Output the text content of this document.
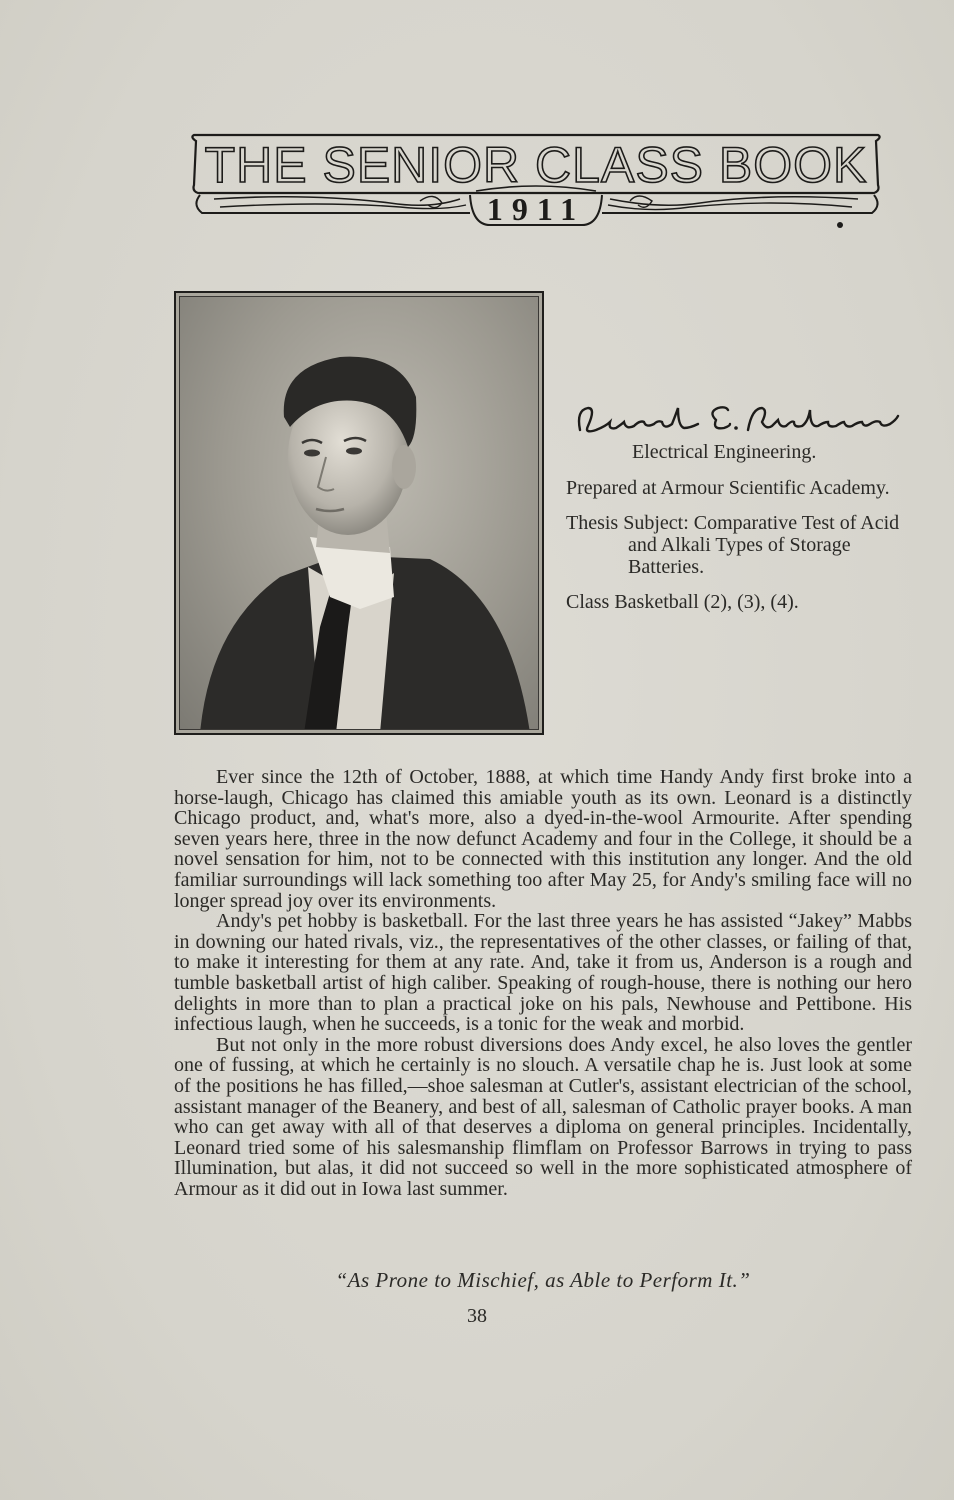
THE SENIOR CLASS BOOK
1911

Electrical Engineering.

Prepared at Armour Scientific Academy.

Thesis Subject: Comparative Test of Acid and Alkali Types of Storage Batteries.

Class Basketball (2), (3), (4).

Ever since the 12th of October, 1888, at which time Handy Andy first broke into a horse-laugh, Chicago has claimed this amiable youth as its own. Leonard is a distinctly Chicago product, and, what's more, also a dyed-in-the-wool Armourite. After spending seven years here, three in the now defunct Academy and four in the College, it should be a novel sensation for him, not to be connected with this institution any longer. And the old familiar surroundings will lack something too after May 25, for Andy's smiling face will no longer spread joy over its environments.

Andy's pet hobby is basketball. For the last three years he has assisted “Jakey” Mabbs in downing our hated rivals, viz., the representatives of the other classes, or failing of that, to make it interesting for them at any rate. And, take it from us, Anderson is a rough and tumble basketball artist of high caliber. Speaking of rough-house, there is nothing our hero delights in more than to plan a practical joke on his pals, Newhouse and Pettibone. His infectious laugh, when he succeeds, is a tonic for the weak and morbid.

But not only in the more robust diversions does Andy excel, he also loves the gentler one of fussing, at which he certainly is no slouch. A versatile chap he is. Just look at some of the positions he has filled,—shoe salesman at Cutler's, assistant electrician of the school, assistant manager of the Beanery, and best of all, salesman of Catholic prayer books. A man who can get away with all of that deserves a diploma on general principles. Incidentally, Leonard tried some of his salesmanship flimflam on Professor Barrows in trying to pass Illumination, but alas, it did not succeed so well in the more sophisticated atmosphere of Armour as it did out in Iowa last summer.

“As Prone to Mischief, as Able to Perform It.”
38
